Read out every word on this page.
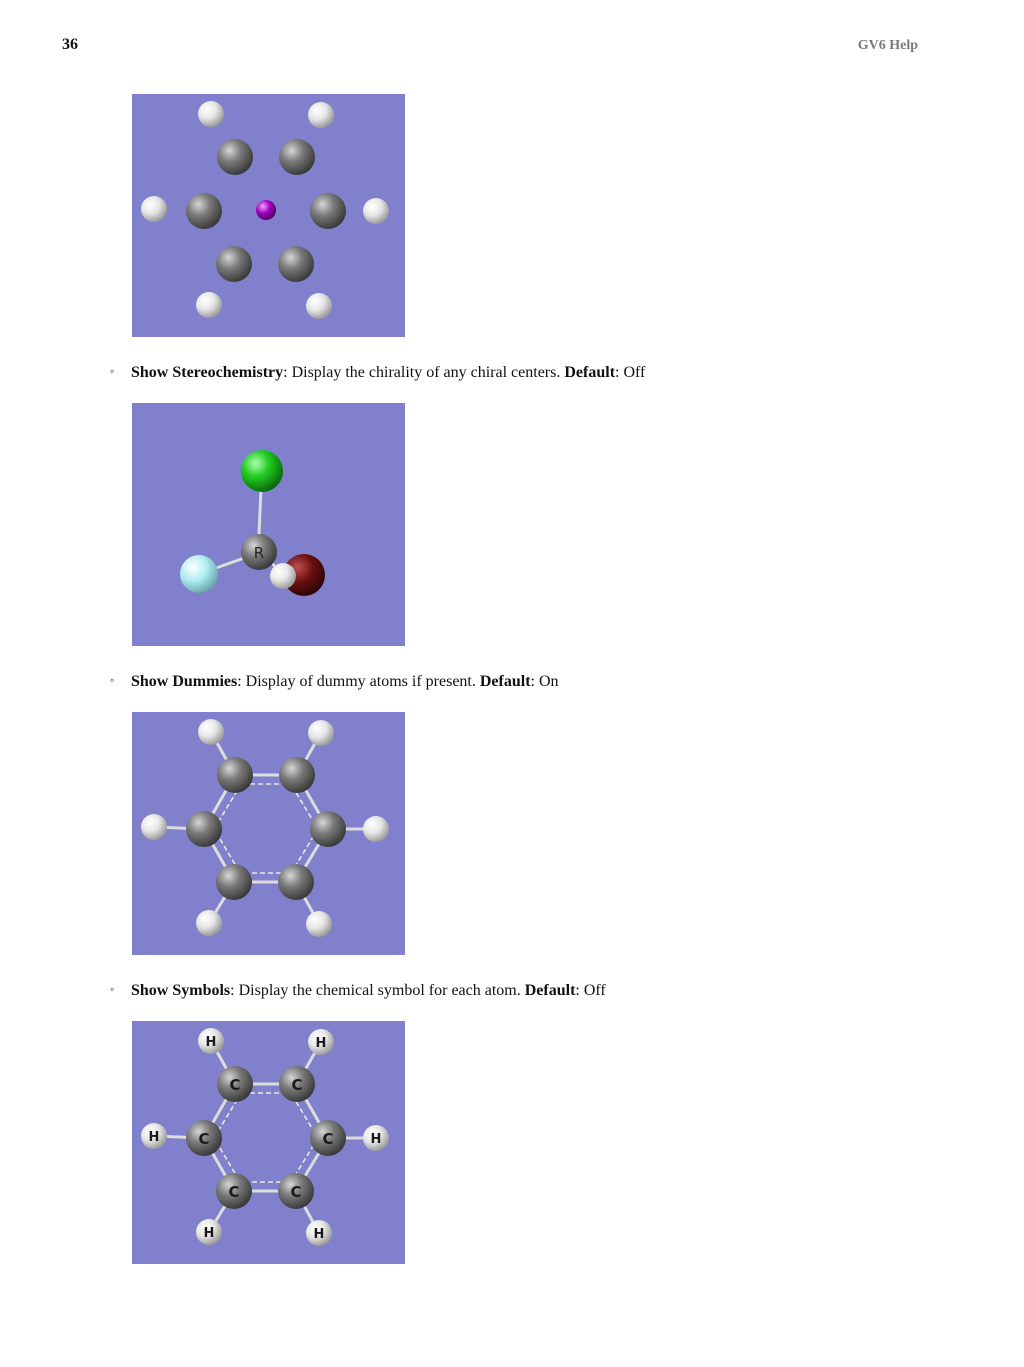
36	GV6 Help
◦ Show Stereochemistry: Display the chirality of any chiral centers. Default: Off
R
◦ Show Dummies: Display of dummy atoms if present. Default: On
◦ Show Symbols: Display the chemical symbol for each atom. Default: Off
H	H
C	C
H	C	C	H
C	C
H	H
